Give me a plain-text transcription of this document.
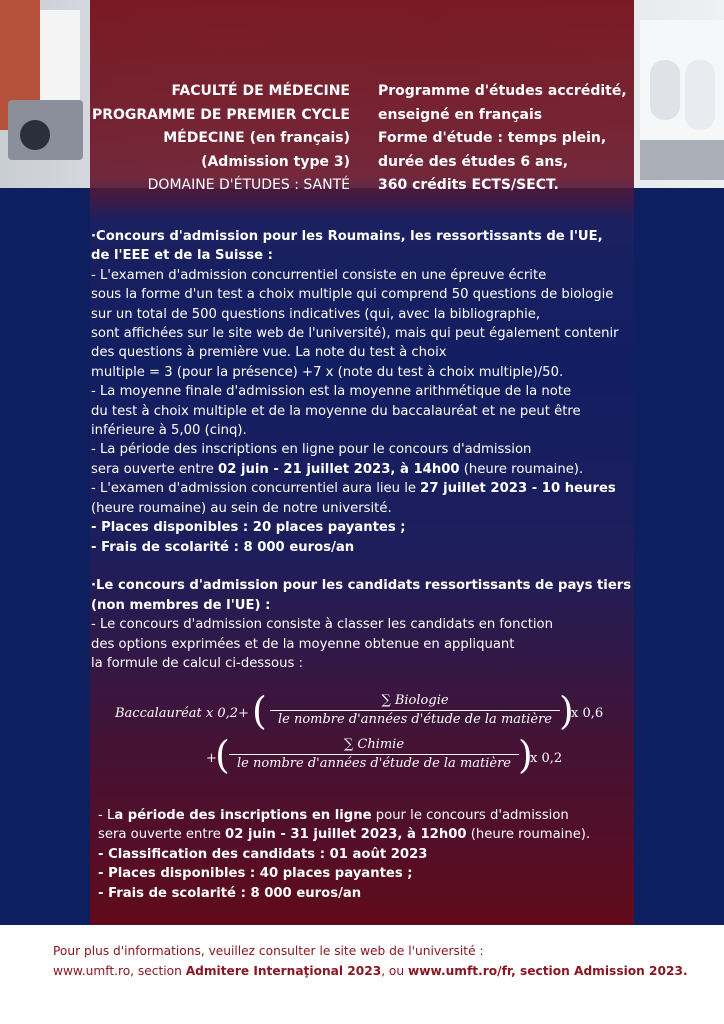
FACULTÉ DE MÉDECINE
PROGRAMME DE PREMIER CYCLE
MÉDECINE (en français)
(Admission type 3)
DOMAINE D'ÉTUDES : SANTÉ
Programme d'études accrédité,
enseigné en français
Forme d'étude : temps plein,
durée des études 6 ans,
360 crédits ECTS/SECT.

·Concours d'admission pour les Roumains, les ressortissants de l'UE,

de l'EEE et de la Suisse :

- L'examen d'admission concurrentiel consiste en une épreuve écrite

sous la forme d'un test a choix multiple qui comprend 50 questions de biologie

sur un total de 500 questions indicatives (qui, avec la bibliographie,

sont affichées sur le site web de l'université), mais qui peut également contenir

des questions à première vue. La note du test à choix

multiple = 3 (pour la présence) +7 x (note du test à choix multiple)/50.

- La moyenne finale d'admission est la moyenne arithmétique de la note

du test à choix multiple et de la moyenne du baccalauréat et ne peut être

inférieure à 5,00 (cinq).

- La période des inscriptions en ligne pour le concours d'admission

sera ouverte entre 02 juin - 21 juillet 2023, à 14h00 (heure roumaine).

- L'examen d'admission concurrentiel aura lieu le 27 juillet 2023 - 10 heures

(heure roumaine) au sein de notre université.

- Places disponibles : 20 places payantes ;

- Frais de scolarité : 8 000 euros/an

·Le concours d'admission pour les candidats ressortissants de pays tiers

(non membres de l'UE) :

- Le concours d'admission consiste à classer les candidats en fonction

des options exprimées et de la moyenne obtenue en appliquant

la formule de calcul ci-dessous :

Baccalauréat x 0,2+ (	∑ Biologie
le nombre d'années d'étude de la matière )
x 0,6
+
(	∑ Chimie
le nombre d'années d'étude de la matière )
x 0,2

- La période des inscriptions en ligne pour le concours d'admission

sera ouverte entre 02 juin - 31 juillet 2023, à 12h00 (heure roumaine).

- Classification des candidats : 01 août 2023

- Places disponibles : 40 places payantes ;

- Frais de scolarité : 8 000 euros/an

Pour plus d'informations, veuillez consulter le site web de l'université :

www.umft.ro, section Admitere Internaţional 2023, ou www.umft.ro/fr, section Admission 2023.
